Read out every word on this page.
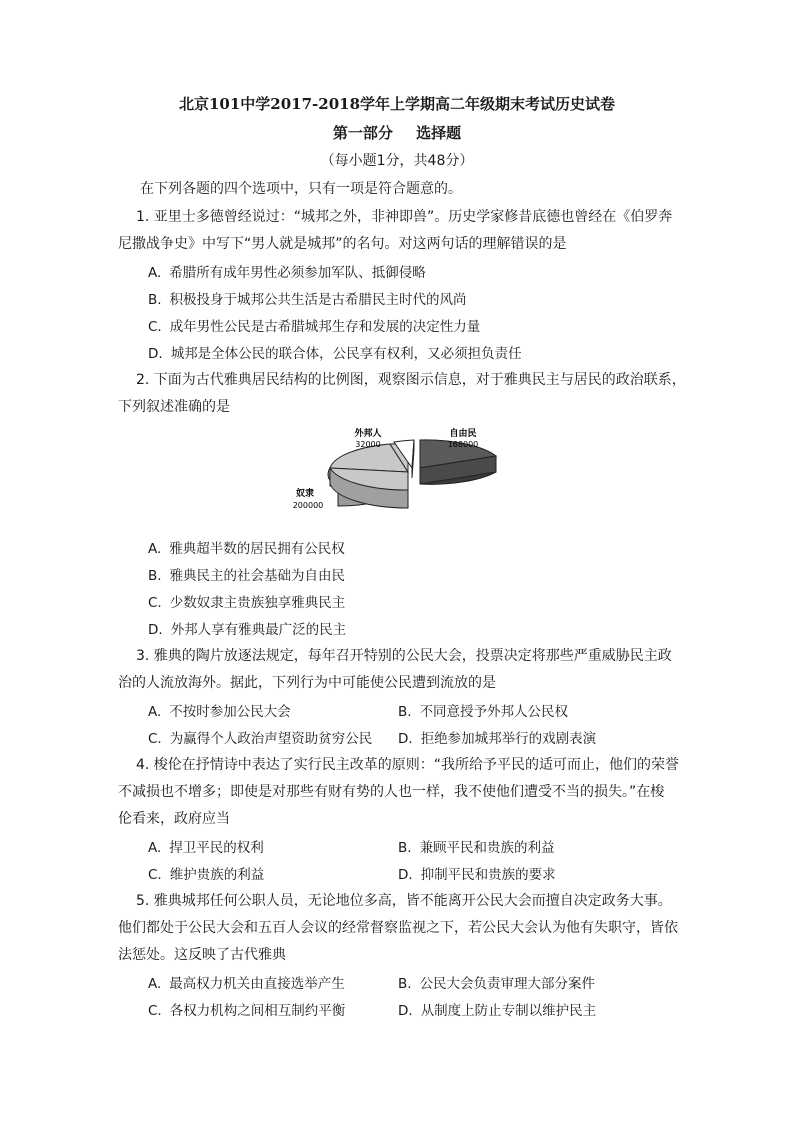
北京101中学2017-2018学年上学期高二年级期末考试历史试卷
第一部分 选择题
（每小题1分，共48分）
在下列各题的四个选项中，只有一项是符合题意的。
1. 亚里士多德曾经说过：“城邦之外，非神即兽”。历史学家修昔底德也曾经在《伯罗奔
尼撒战争史》中写下“男人就是城邦”的名句。对这两句话的理解错误的是
A. 希腊所有成年男性必须参加军队、抵御侵略
B. 积极投身于城邦公共生活是古希腊民主时代的风尚
C. 成年男性公民是古希腊城邦生存和发展的决定性力量
D. 城邦是全体公民的联合体，公民享有权利，又必须担负责任
2. 下面为古代雅典居民结构的比例图，观察图示信息，对于雅典民主与居民的政治联系，
下列叙述准确的是
外邦人
32000
自由民
168000
奴隶
200000
A. 雅典超半数的居民拥有公民权
B. 雅典民主的社会基础为自由民
C. 少数奴隶主贵族独享雅典民主
D. 外邦人享有雅典最广泛的民主
3. 雅典的陶片放逐法规定，每年召开特别的公民大会，投票决定将那些严重威胁民主政
治的人流放海外。据此，下列行为中可能使公民遭到流放的是
A. 不按时参加公民大会	B. 不同意授予外邦人公民权
C. 为赢得个人政治声望资助贫穷公民 D. 拒绝参加城邦举行的戏剧表演
4. 梭伦在抒情诗中表达了实行民主改革的原则：“我所给予平民的适可而止，他们的荣誉
不减损也不增多；即使是对那些有财有势的人也一样，我不使他们遭受不当的损失。”在梭
伦看来，政府应当
A. 捍卫平民的权利	B. 兼顾平民和贵族的利益
C. 维护贵族的利益	D. 抑制平民和贵族的要求
5. 雅典城邦任何公职人员，无论地位多高，皆不能离开公民大会而擅自决定政务大事。
他们都处于公民大会和五百人会议的经常督察监视之下，若公民大会认为他有失职守，皆依
法惩处。这反映了古代雅典
A. 最高权力机关由直接选举产生	B. 公民大会负责审理大部分案件
C. 各权力机构之间相互制约平衡	D. 从制度上防止专制以维护民主
